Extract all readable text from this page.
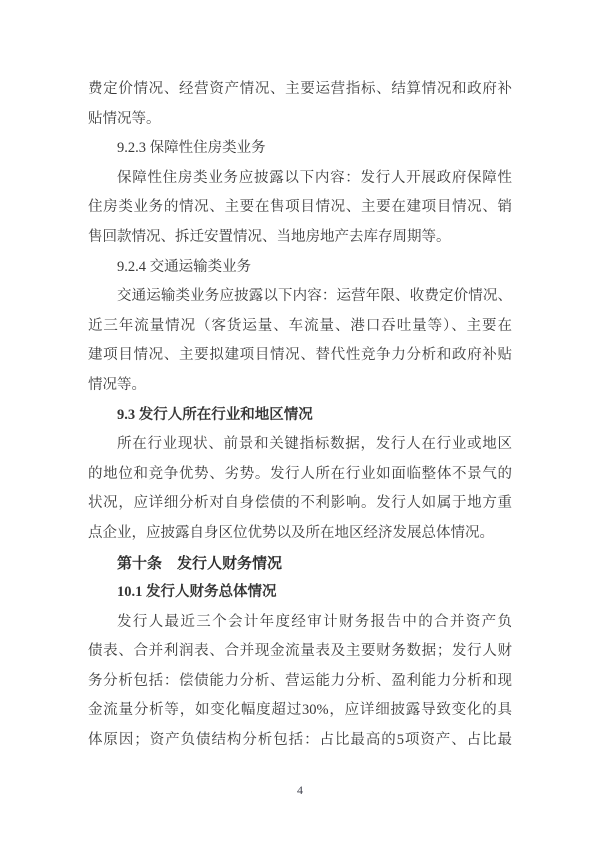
费定价情况、经营资产情况、主要运营指标、结算情况和政府补
贴情况等。
9.2.3 保障性住房类业务
保障性住房类业务应披露以下内容：发行人开展政府保障性
住房类业务的情况、主要在售项目情况、主要在建项目情况、销
售回款情况、拆迁安置情况、当地房地产去库存周期等。
9.2.4 交通运输类业务
交通运输类业务应披露以下内容：运营年限、收费定价情况、
近三年流量情况（客货运量、车流量、港口吞吐量等）、主要在
建项目情况、主要拟建项目情况、替代性竞争力分析和政府补贴
情况等。
9.3 发行人所在行业和地区情况
所在行业现状、前景和关键指标数据，发行人在行业或地区
的地位和竞争优势、劣势。发行人所在行业如面临整体不景气的
状况，应详细分析对自身偿债的不利影响。发行人如属于地方重
点企业，应披露自身区位优势以及所在地区经济发展总体情况。
第十条　发行人财务情况
10.1 发行人财务总体情况
发行人最近三个会计年度经审计财务报告中的合并资产负
债表、合并利润表、合并现金流量表及主要财务数据；发行人财
务分析包括：偿债能力分析、营运能力分析、盈利能力分析和现
金流量分析等，如变化幅度超过30%，应详细披露导致变化的具
体原因；资产负债结构分析包括：占比最高的5项资产、占比最
4
